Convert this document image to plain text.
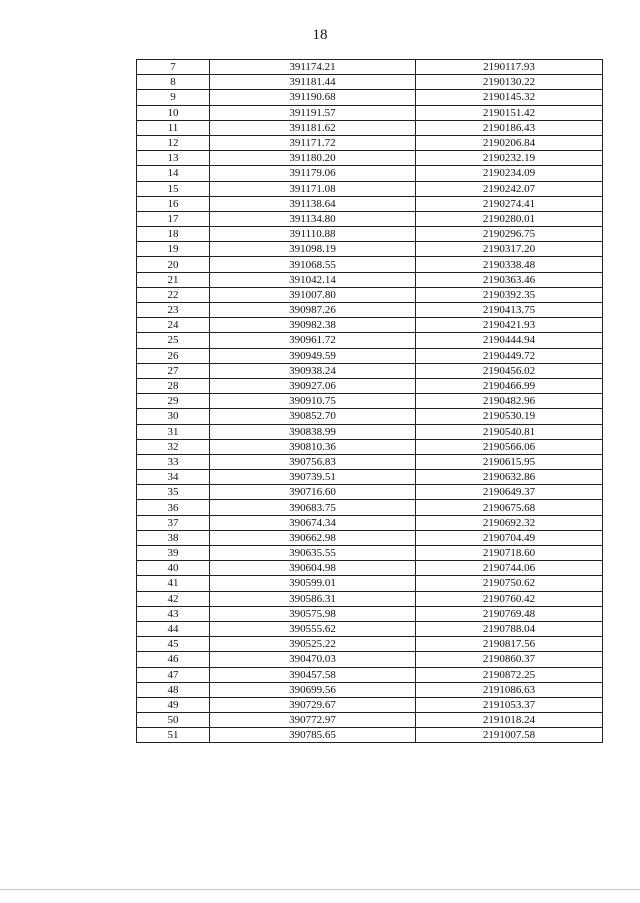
18
7	391174.21	2190117.93
8	391181.44	2190130.22
9	391190.68	2190145.32
10	391191.57	2190151.42
11	391181.62	2190186.43
12	391171.72	2190206.84
13	391180.20	2190232.19
14	391179.06	2190234.09
15	391171.08	2190242.07
16	391138.64	2190274.41
17	391134.80	2190280.01
18	391110.88	2190296.75
19	391098.19	2190317.20
20	391068.55	2190338.48
21	391042.14	2190363.46
22	391007.80	2190392.35
23	390987.26	2190413.75
24	390982.38	2190421.93
25	390961.72	2190444.94
26	390949.59	2190449.72
27	390938.24	2190456.02
28	390927.06	2190466.99
29	390910.75	2190482.96
30	390852.70	2190530.19
31	390838.99	2190540.81
32	390810.36	2190566.06
33	390756.83	2190615.95
34	390739.51	2190632.86
35	390716.60	2190649.37
36	390683.75	2190675.68
37	390674.34	2190692.32
38	390662.98	2190704.49
39	390635.55	2190718.60
40	390604.98	2190744.06
41	390599.01	2190750.62
42	390586.31	2190760.42
43	390575.98	2190769.48
44	390555.62	2190788.04
45	390525.22	2190817.56
46	390470.03	2190860.37
47	390457.58	2190872.25
48	390699.56	2191086.63
49	390729.67	2191053.37
50	390772.97	2191018.24
51	390785.65	2191007.58
